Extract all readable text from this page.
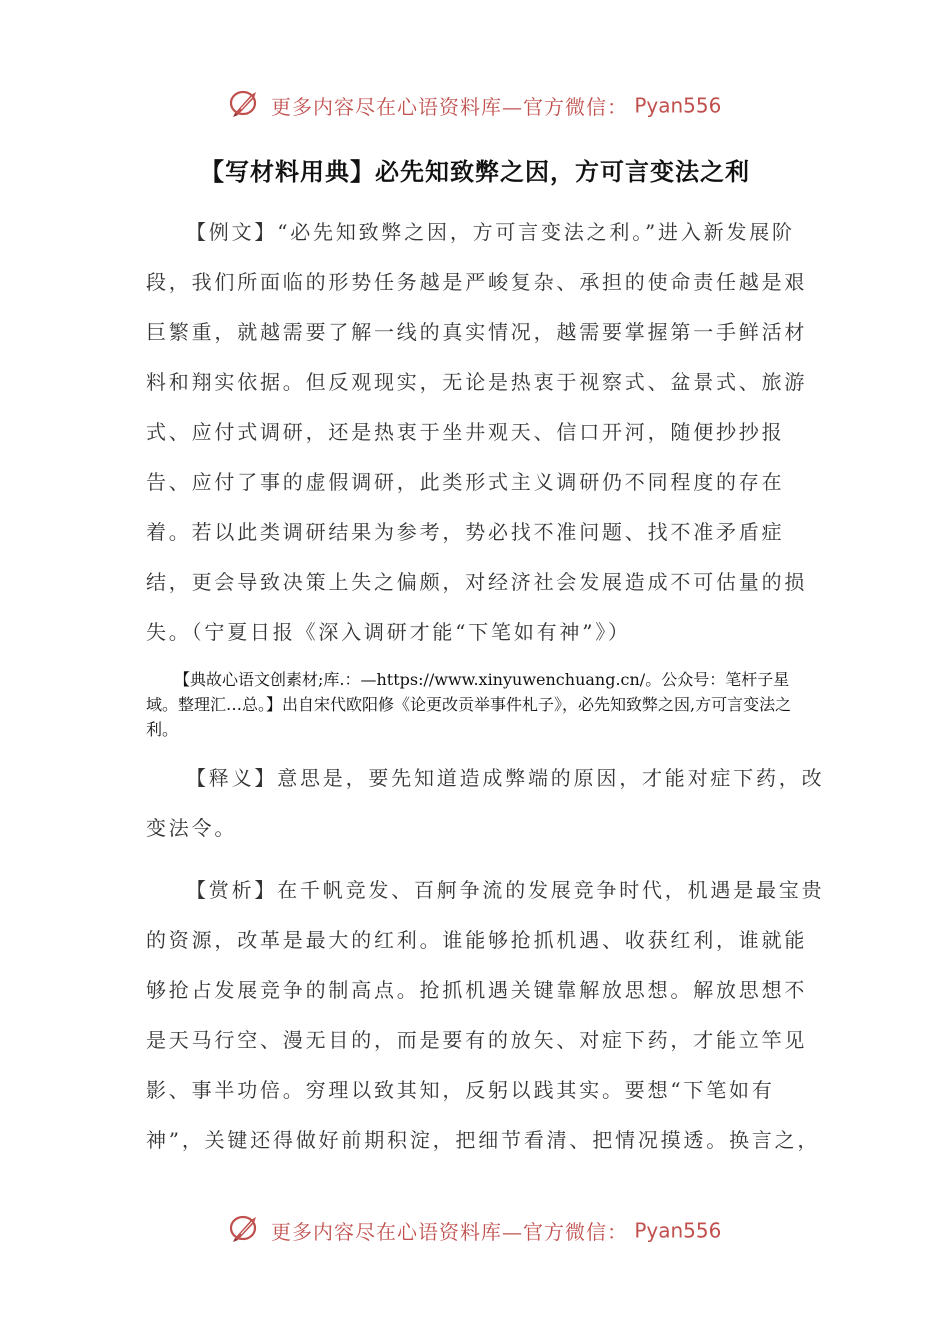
更多内容尽在心语资料库—官方微信： Pyan556
【写材料用典】必先知致弊之因，方可言变法之利
【例文】“必先知致弊之因，方可言变法之利。”进入新发展阶段，我们所面临的形势任务越是严峻复杂、承担的使命责任越是艰巨繁重，就越需要了解一线的真实情况，越需要掌握第一手鲜活材料和翔实依据。但反观现实，无论是热衷于视察式、盆景式、旅游式、应付式调研，还是热衷于坐井观天、信口开河，随便抄抄报告、应付了事的虚假调研，此类形式主义调研仍不同程度的存在着。若以此类调研结果为参考，势必找不准问题、找不准矛盾症结，更会导致决策上失之偏颇，对经济社会发展造成不可估量的损失。（宁夏日报《深入调研才能“下笔如有神”》）
【典故心语文创素材;库.：—https://www.xinyuwenchuang.cn/。公众号：笔杆子星域。整理汇…总。】出自宋代欧阳修《论更改贡举事件札子》，必先知致弊之因,方可言变法之利。
【释义】意思是，要先知道造成弊端的原因，才能对症下药，改变法令。
【赏析】在千帆竞发、百舸争流的发展竞争时代，机遇是最宝贵的资源，改革是最大的红利。谁能够抢抓机遇、收获红利，谁就能够抢占发展竞争的制高点。抢抓机遇关键靠解放思想。解放思想不是天马行空、漫无目的，而是要有的放矢、对症下药，才能立竿见影、事半功倍。穷理以致其知，反躬以践其实。要想“下笔如有神”，关键还得做好前期积淀，把细节看清、把情况摸透。换言之，
更多内容尽在心语资料库—官方微信： Pyan556
